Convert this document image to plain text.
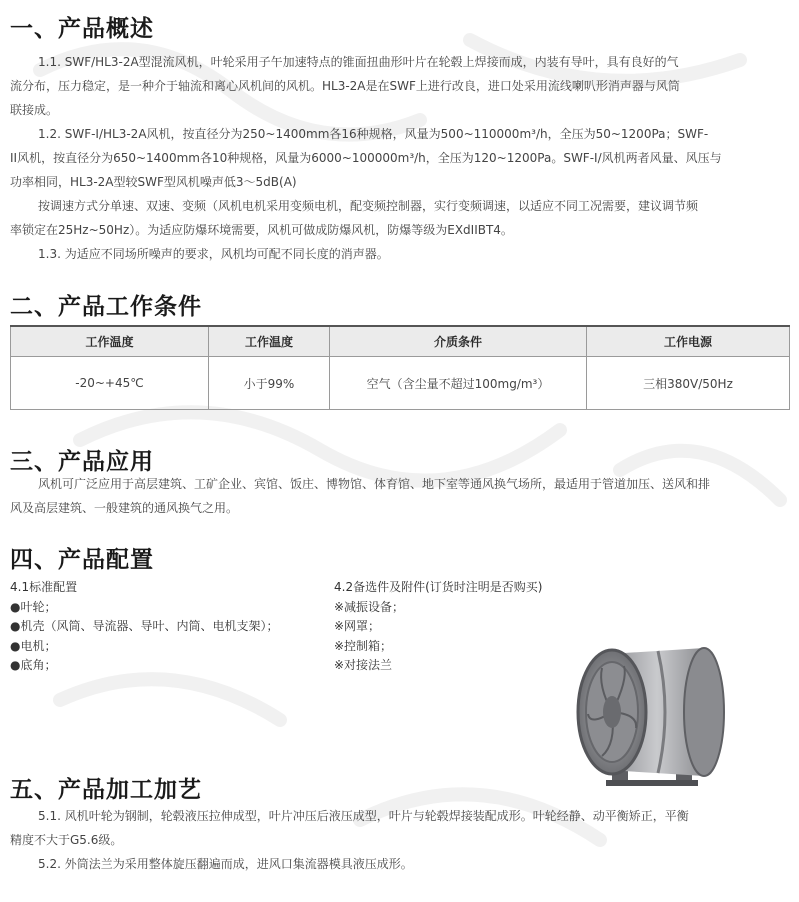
一、产品概述
1.1. SWF/HL3-2A型混流风机，叶轮采用子午加速特点的锥面扭曲形叶片在轮毂上焊接而成，内装有导叶，具有良好的气
流分布，压力稳定，是一种介于轴流和离心风机间的风机。HL3-2A是在SWF上进行改良，进口处采用流线喇叭形消声器与风筒
联接成。
1.2. SWF-I/HL3-2A风机，按直径分为250~1400mm各16种规格，风量为500~110000m³/h，全压为50~1200Pa；SWF-
II风机，按直径分为650~1400mm各10种规格，风量为6000~100000m³/h，全压为120~1200Pa。SWF-I/风机两者风量、风压与
功率相同，HL3-2A型较SWF型风机噪声低3～5dB(A)
按调速方式分单速、双速、变频（风机电机采用变频电机，配变频控制器，实行变频调速，以适应不同工况需要，建议调节频
率锁定在25Hz~50Hz）。为适应防爆环境需要，风机可做成防爆风机，防爆等级为EXdIIBT4。
1.3. 为适应不同场所噪声的要求，风机均可配不同长度的消声器。
二、产品工作条件
工作温度	工作温度	介质条件	工作电源
-20~+45℃	小于99%	空气（含尘量不超过100mg/m³）	三相380V/50Hz
三、产品应用
风机可广泛应用于高层建筑、工矿企业、宾馆、饭庄、博物馆、体育馆、地下室等通风换气场所，最适用于管道加压、送风和排
风及高层建筑、一般建筑的通风换气之用。
四、产品配置
4.1标准配置
●叶轮；
●机壳（风筒、导流器、导叶、内筒、电机支架）；
●电机；
●底角；
4.2备选件及附件(订货时注明是否购买)
※减振设备；
※网罩；
※控制箱；
※对接法兰
五、产品加工加艺
5.1. 风机叶轮为钢制，轮毂液压拉伸成型，叶片冲压后液压成型，叶片与轮毂焊接装配成形。叶轮经静、动平衡矫正，平衡
精度不大于G5.6级。
5.2. 外筒法兰为采用整体旋压翻遍而成，进风口集流器模具液压成形。
